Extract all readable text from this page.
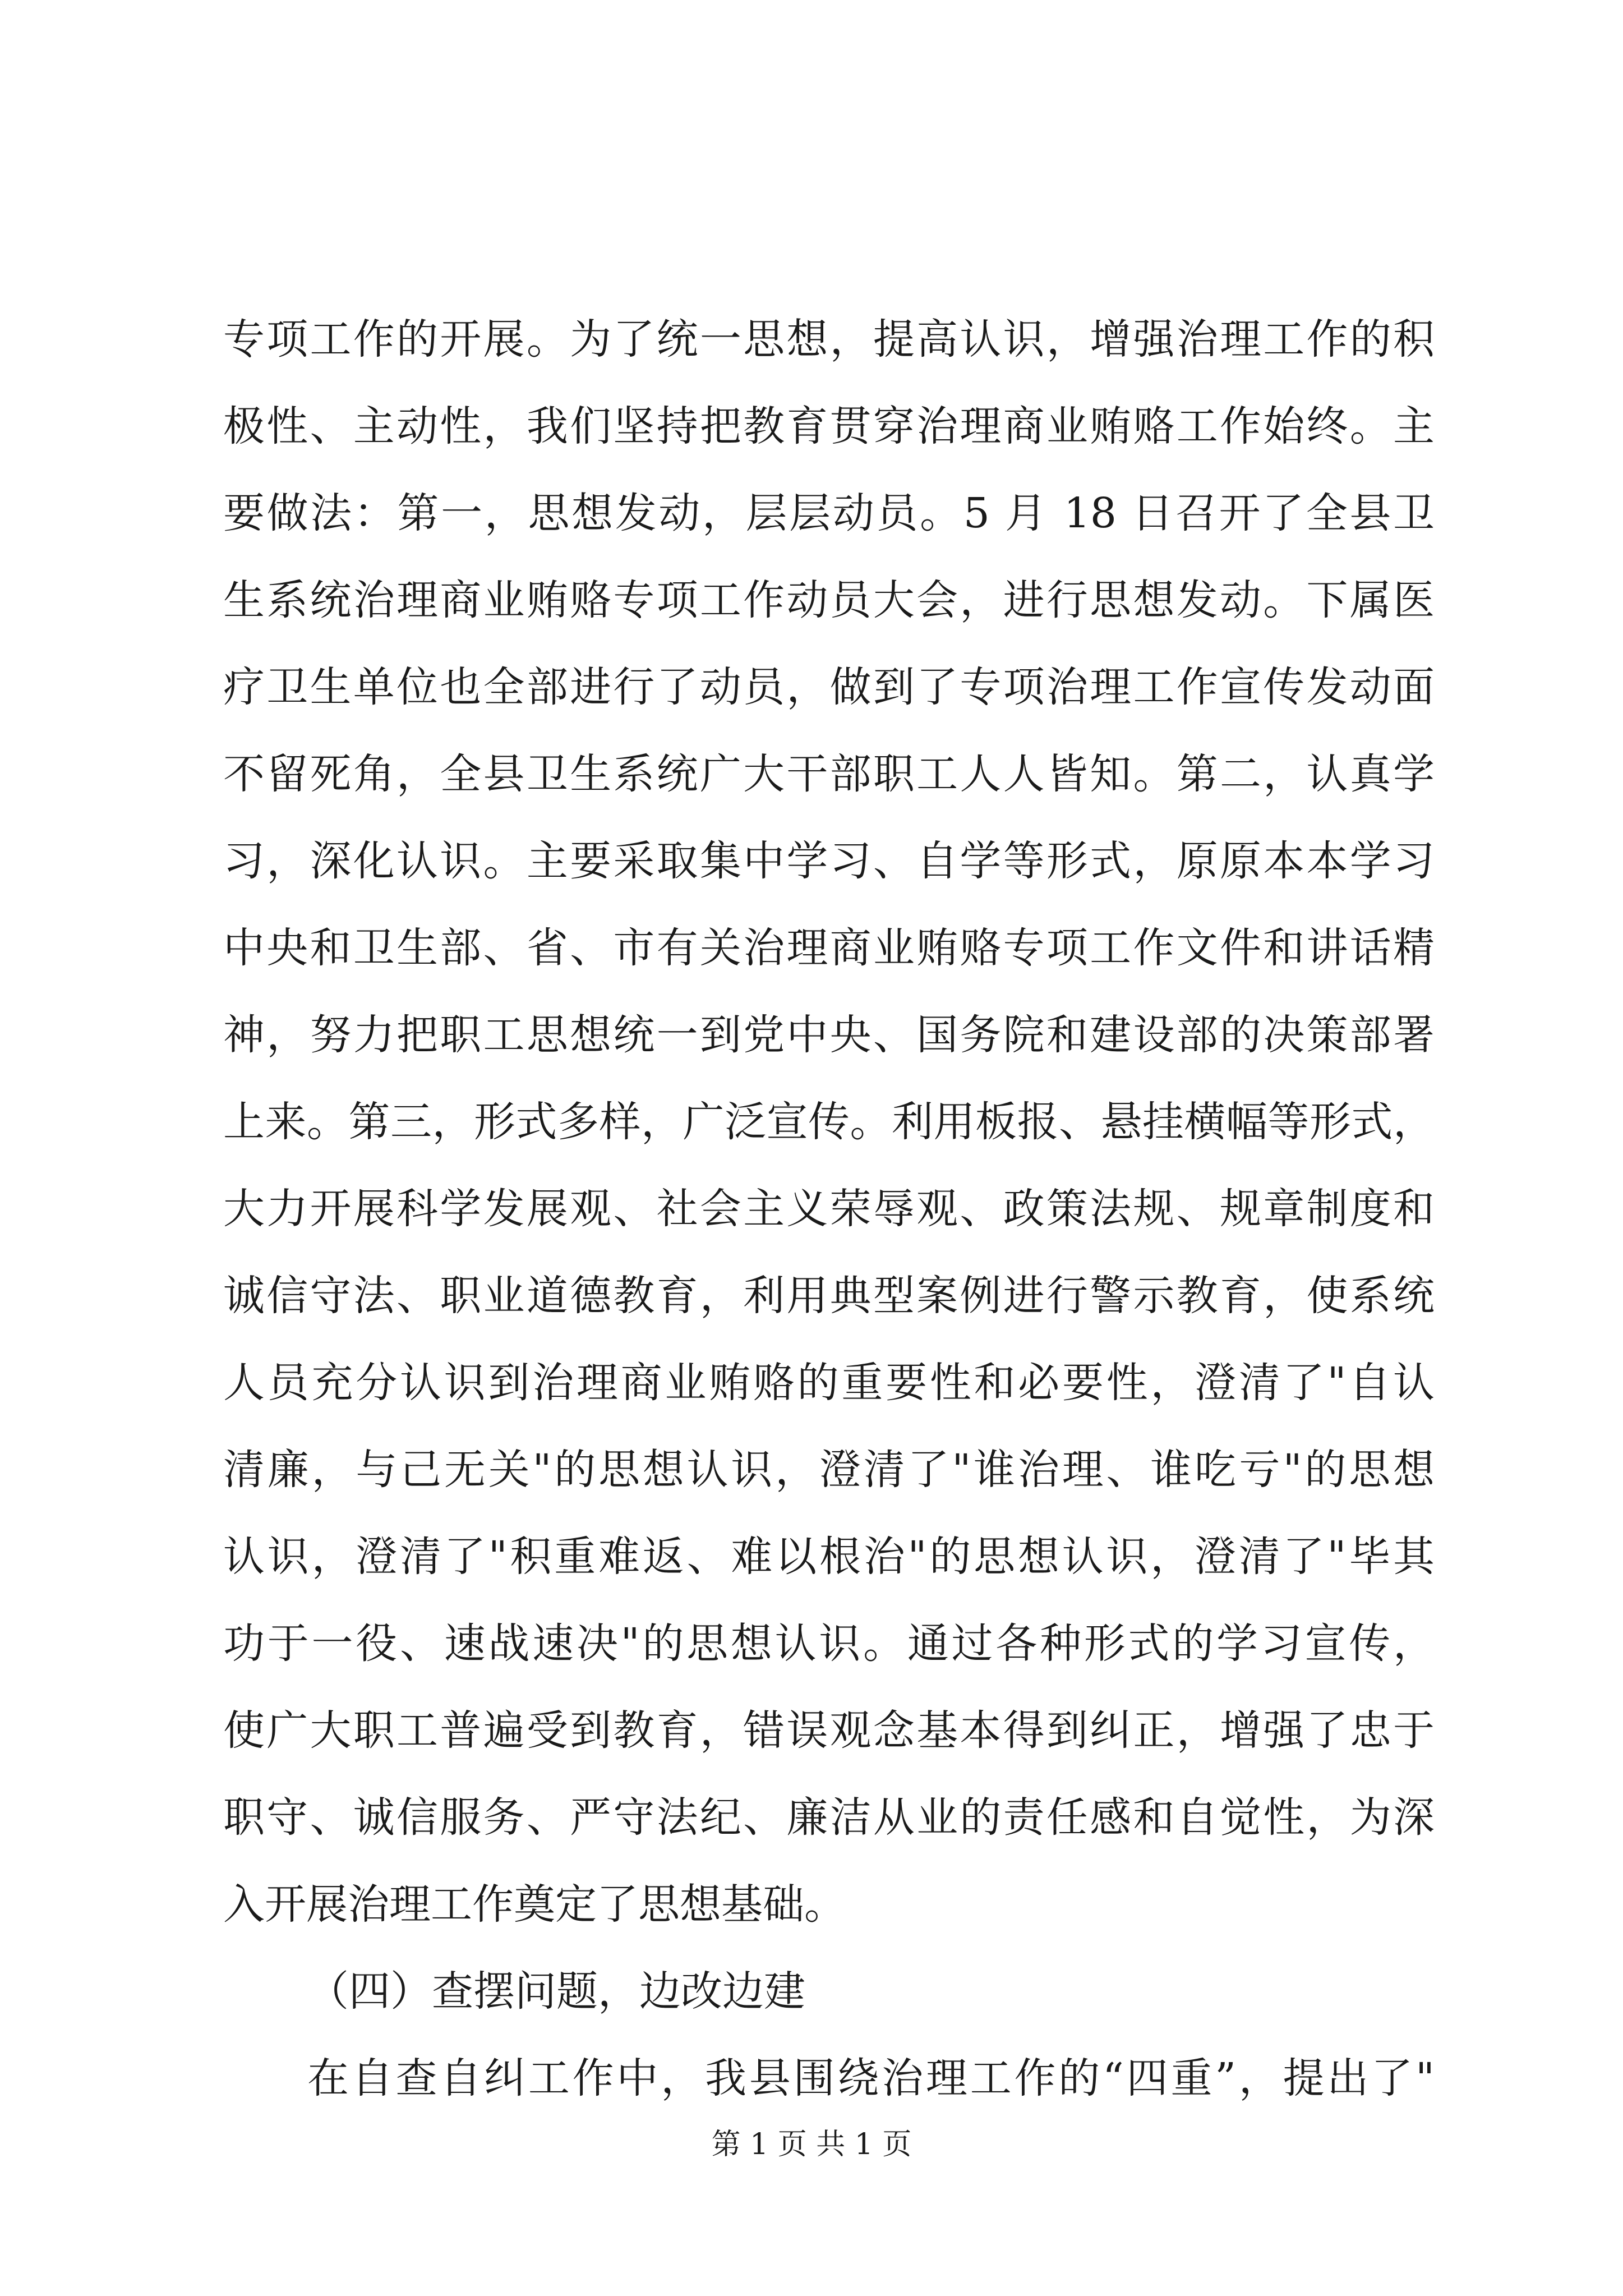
专项工作的开展。为了统一思想，提高认识，增强治理工作的积
极性、主动性，我们坚持把教育贯穿治理商业贿赂工作始终。主
要做法：第一，思想发动，层层动员。5 月 18 日召开了全县卫
生系统治理商业贿赂专项工作动员大会，进行思想发动。下属医
疗卫生单位也全部进行了动员，做到了专项治理工作宣传发动面
不留死角，全县卫生系统广大干部职工人人皆知。第二，认真学
习，深化认识。主要采取集中学习、自学等形式，原原本本学习
中央和卫生部、省、市有关治理商业贿赂专项工作文件和讲话精
神，努力把职工思想统一到党中央、国务院和建设部的决策部署
上来。第三，形式多样，广泛宣传。利用板报、悬挂横幅等形式，
大力开展科学发展观、社会主义荣辱观、政策法规、规章制度和
诚信守法、职业道德教育，利用典型案例进行警示教育，使系统
人员充分认识到治理商业贿赂的重要性和必要性，澄清了"自认
清廉，与己无关"的思想认识，澄清了"谁治理、谁吃亏"的思想
认识，澄清了"积重难返、难以根治"的思想认识，澄清了"毕其
功于一役、速战速决"的思想认识。通过各种形式的学习宣传，
使广大职工普遍受到教育，错误观念基本得到纠正，增强了忠于
职守、诚信服务、严守法纪、廉洁从业的责任感和自觉性，为深
入开展治理工作奠定了思想基础。
（四）查摆问题，边改边建
在自查自纠工作中，我县围绕治理工作的“四重”，提出了"
第 1 页 共 1 页
